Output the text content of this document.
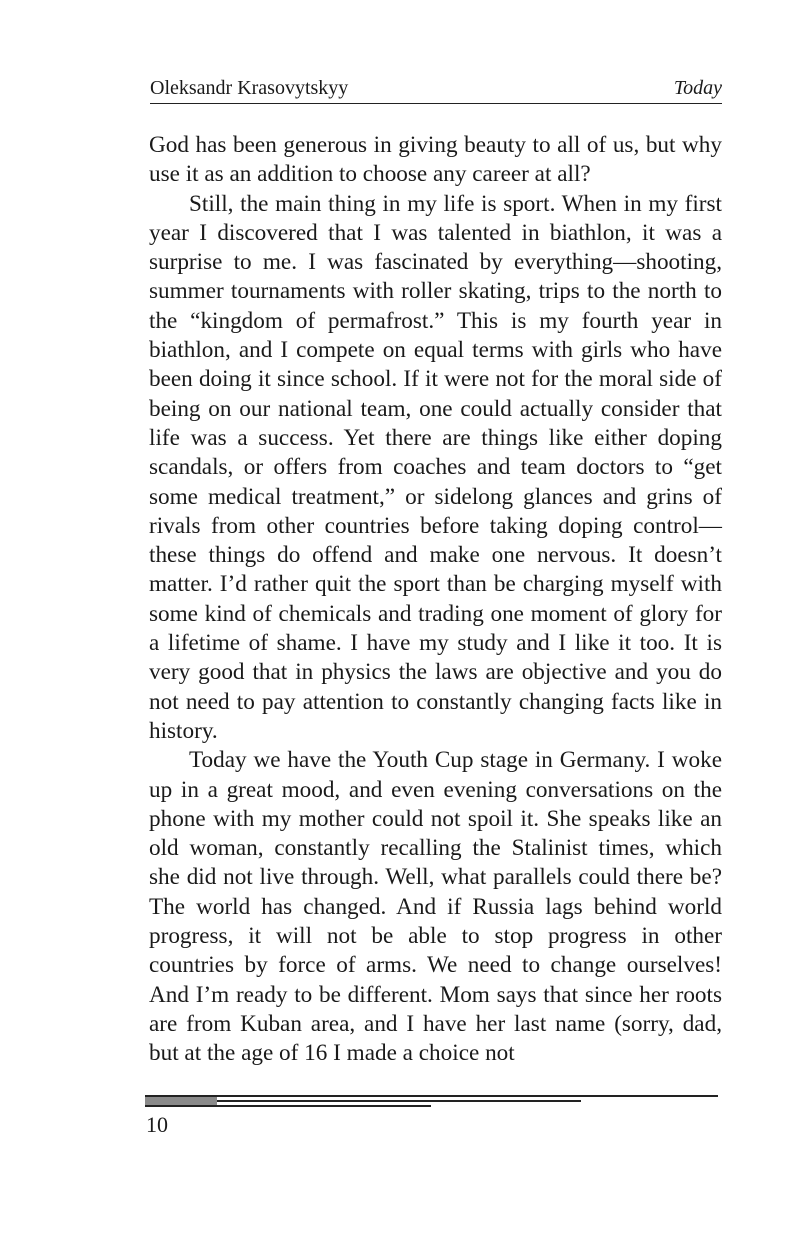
Oleksandr Krasovytskyy	Today

God has been generous in giving beauty to all of us, but why use it as an addition to choose any career at all?

Still, the main thing in my life is sport. When in my first year I discovered that I was talented in biathlon, it was a surprise to me. I was fascinated by everything—shooting, summer tournaments with roller skating, trips to the north to the “kingdom of permafrost.” This is my fourth year in biathlon, and I compete on equal terms with girls who have been doing it since school. If it were not for the moral side of being on our national team, one could actually consider that life was a success. Yet there are things like either doping scandals, or offers from coaches and team doctors to “get some medical treatment,” or sidelong glances and grins of rivals from other countries before taking doping control—these things do offend and make one nervous. It doesn’t matter. I’d rather quit the sport than be charging myself with some kind of chemicals and trading one moment of glory for a lifetime of shame. I have my study and I like it too. It is very good that in physics the laws are objective and you do not need to pay attention to constantly changing facts like in history.

Today we have the Youth Cup stage in Germany. I woke up in a great mood, and even evening conversations on the phone with my mother could not spoil it. She speaks like an old woman, constantly recalling the Stalinist times, which she did not live through. Well, what parallels could there be? The world has changed. And if Russia lags behind world progress, it will not be able to stop progress in other countries by force of arms. We need to change ourselves! And I’m ready to be different. Mom says that since her roots are from Kuban area, and I have her last name (sorry, dad, but at the age of 16 I made a choice not

10
